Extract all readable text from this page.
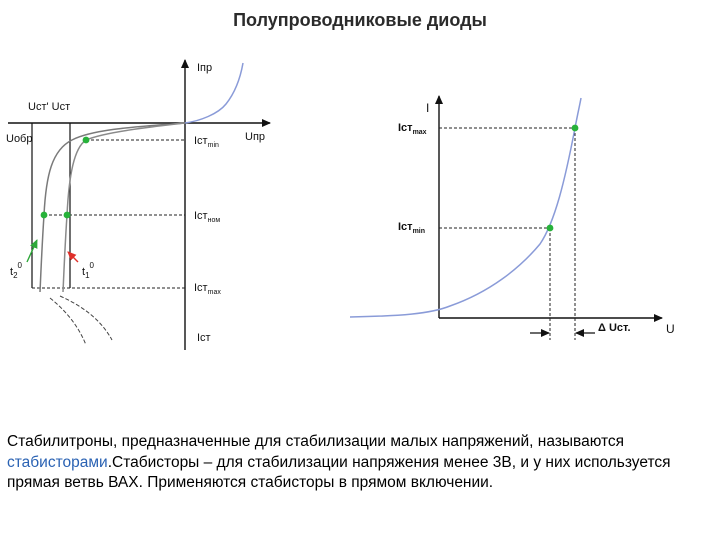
Полупроводниковые диоды
Iпр
Uст' Uст
Uобр	Uпр
Iст$_{min}$
Iст$_{ном}$
Iст$_{max}$
Iст
$t_2^0$
$t_1^0$
I
Iст$_{max}$
Iст$_{min}$
Δ Uст.	U
Стабилитроны, предназначенные для стабилизации малых напряжений, называются стабисторами.Стабисторы – для стабилизации напряжения менее 3В, и у них используется прямая ветвь ВАХ. Применяются стабисторы в прямом включении.
